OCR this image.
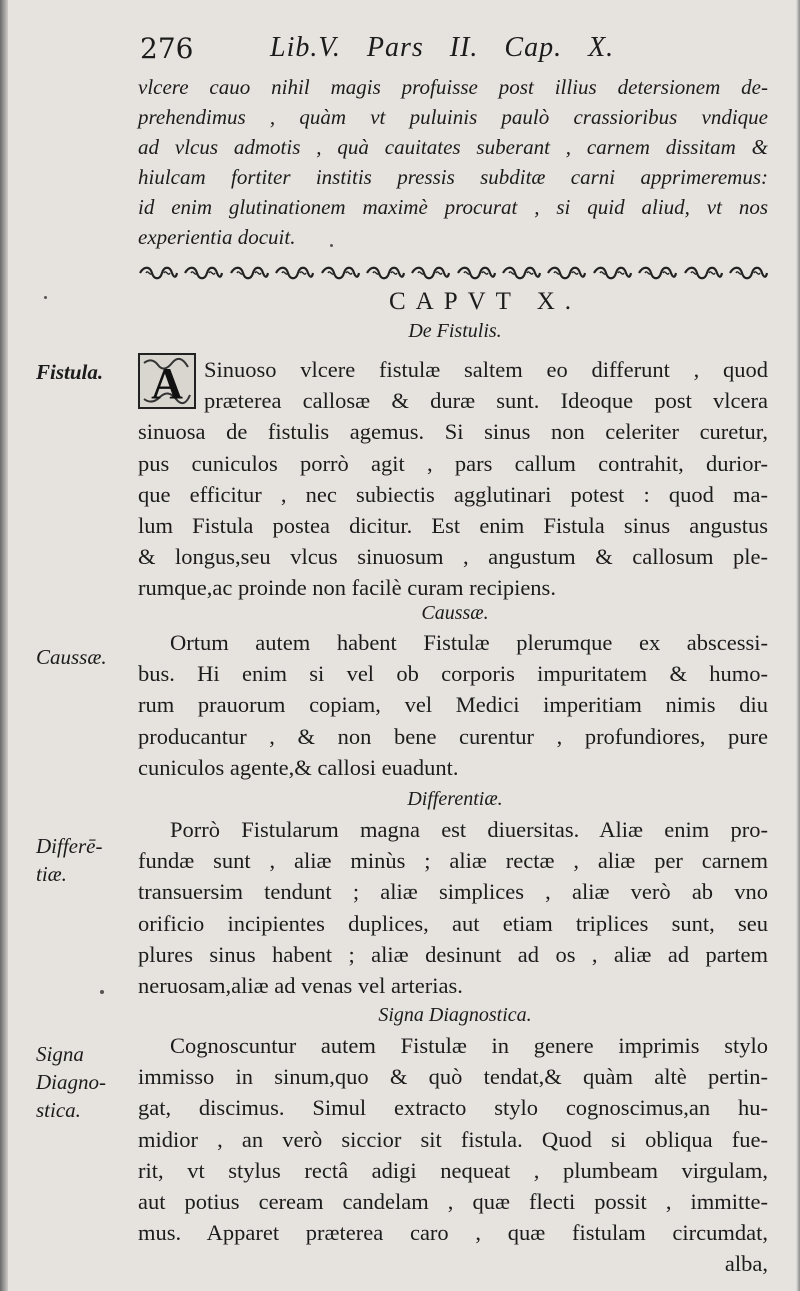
276	Lib.V. Pars II. Cap. X.
vlcere cauo nihil magis profuisse post illius detersionem de-
prehendimus , quàm vt puluinis paulò crassioribus vndique
ad vlcus admotis , quà cauitates suberant , carnem dissitam &
hiulcam fortiter institis pressis subditæ carni apprimeremus:
id enim glutinationem maximè procurat , si quid aliud, vt nos
experientia docuit.
CAPVT X.
De Fistulis.
Fistula.	A Sinuoso vlcere fistulæ saltem eo differunt , quod
præterea callosæ & duræ sunt. Ideoque post vlcera
sinuosa de fistulis agemus. Si sinus non celeriter curetur,
pus cuniculos porrò agit , pars callum contrahit, durior-
que efficitur , nec subiectis agglutinari potest : quod ma-
lum Fistula postea dicitur. Est enim Fistula sinus angustus
& longus,seu vlcus sinuosum , angustum & callosum ple-
rumque,ac proinde non facilè curam recipiens.
Caussæ.
Caussæ.
Ortum autem habent Fistulæ plerumque ex abscessi-
bus. Hi enim si vel ob corporis impuritatem & humo-
rum prauorum copiam, vel Medici imperitiam nimis diu
producantur , & non bene curentur , profundiores, pure
cuniculos agente,& callosi euadunt.
Differentiæ.
Differē-
tiæ.
Porrò Fistularum magna est diuersitas. Aliæ enim pro-
fundæ sunt , aliæ minùs ; aliæ rectæ , aliæ per carnem
transuersim tendunt ; aliæ simplices , aliæ verò ab vno
orificio incipientes duplices, aut etiam triplices sunt, seu
plures sinus habent ; aliæ desinunt ad os , aliæ ad partem
neruosam,aliæ ad venas vel arterias.
Signa Diagnostica.
Signa
Diagno-
stica.
Cognoscuntur autem Fistulæ in genere imprimis stylo
immisso in sinum,quo & quò tendat,& quàm altè pertin-
gat, discimus. Simul extracto stylo cognoscimus,an hu-
midior , an verò siccior sit fistula. Quod si obliqua fue-
rit, vt stylus rectâ adigi nequeat , plumbeam virgulam,
aut potius ceream candelam , quæ flecti possit , immitte-
mus. Apparet præterea caro , quæ fistulam circumdat,
alba,
